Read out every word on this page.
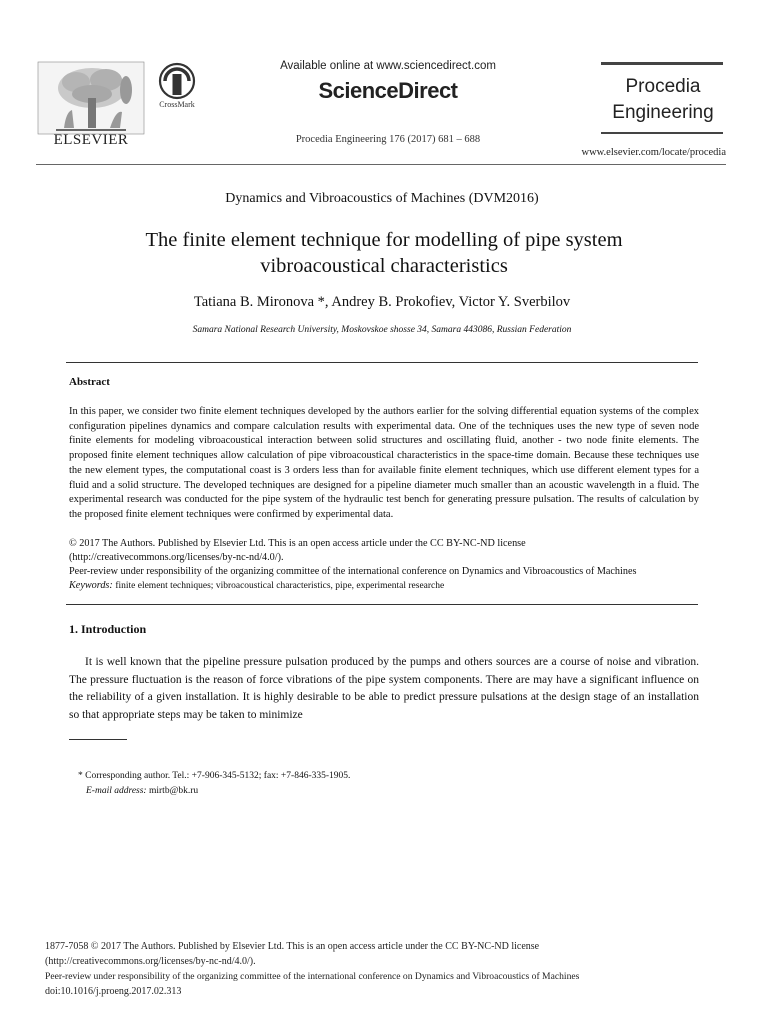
ELSEVIER
CrossMark
Available online at www.sciencedirect.com
ScienceDirect
Procedia Engineering 176 (2017) 681 – 688
Procedia
Engineering
www.elsevier.com/locate/procedia
Dynamics and Vibroacoustics of Machines (DVM2016)
The finite element technique for modelling of pipe system
vibroacoustical characteristics
Tatiana B. Mironova *, Andrey B. Prokofiev, Victor Y. Sverbilov
Samara National Research University, Moskovskoe shosse 34, Samara 443086, Russian Federation
Abstract
In this paper, we consider two finite element techniques developed by the authors earlier for the solving differential equation systems of the complex configuration pipelines dynamics and compare calculation results with experimental data. One of the techniques uses the new type of seven node finite elements for modeling vibroacoustical interaction between solid structures and oscillating fluid, another - two node finite elements. The proposed finite element techniques allow calculation of pipe vibroacoustical characteristics in the space-time domain. Because these techniques use the new element types, the computational coast is 3 orders less than for available finite element techniques, which use different element types for a fluid and a solid structure. The developed techniques are designed for a pipeline diameter much smaller than an acoustic wavelength in a fluid. The experimental research was conducted for the pipe system of the hydraulic test bench for generating pressure pulsation. The results of calculation by the proposed finite element techniques were confirmed by experimental data.
© 2017 The Authors. Published by Elsevier Ltd. This is an open access article under the CC BY-NC-ND license
(http://creativecommons.org/licenses/by-nc-nd/4.0/).
Peer-review under responsibility of the organizing committee of the international conference on Dynamics and Vibroacoustics of Machines
Keywords: finite element techniques; vibroacoustical characteristics, pipe, experimental researche
1. Introduction
It is well known that the pipeline pressure pulsation produced by the pumps and others sources are a course of noise and vibration. The pressure fluctuation is the reason of force vibrations of the pipe system components. There are may have a significant influence on the reliability of a given installation. It is highly desirable to be able to predict pressure pulsations at the design stage of an installation so that appropriate steps may be taken to minimize
* Corresponding author. Tel.: +7-906-345-5132; fax: +7-846-335-1905.
E-mail address: mirtb@bk.ru
1877-7058 © 2017 The Authors. Published by Elsevier Ltd. This is an open access article under the CC BY-NC-ND license
(http://creativecommons.org/licenses/by-nc-nd/4.0/).
Peer-review under responsibility of the organizing committee of the international conference on Dynamics and Vibroacoustics of Machines
doi:10.1016/j.proeng.2017.02.313
